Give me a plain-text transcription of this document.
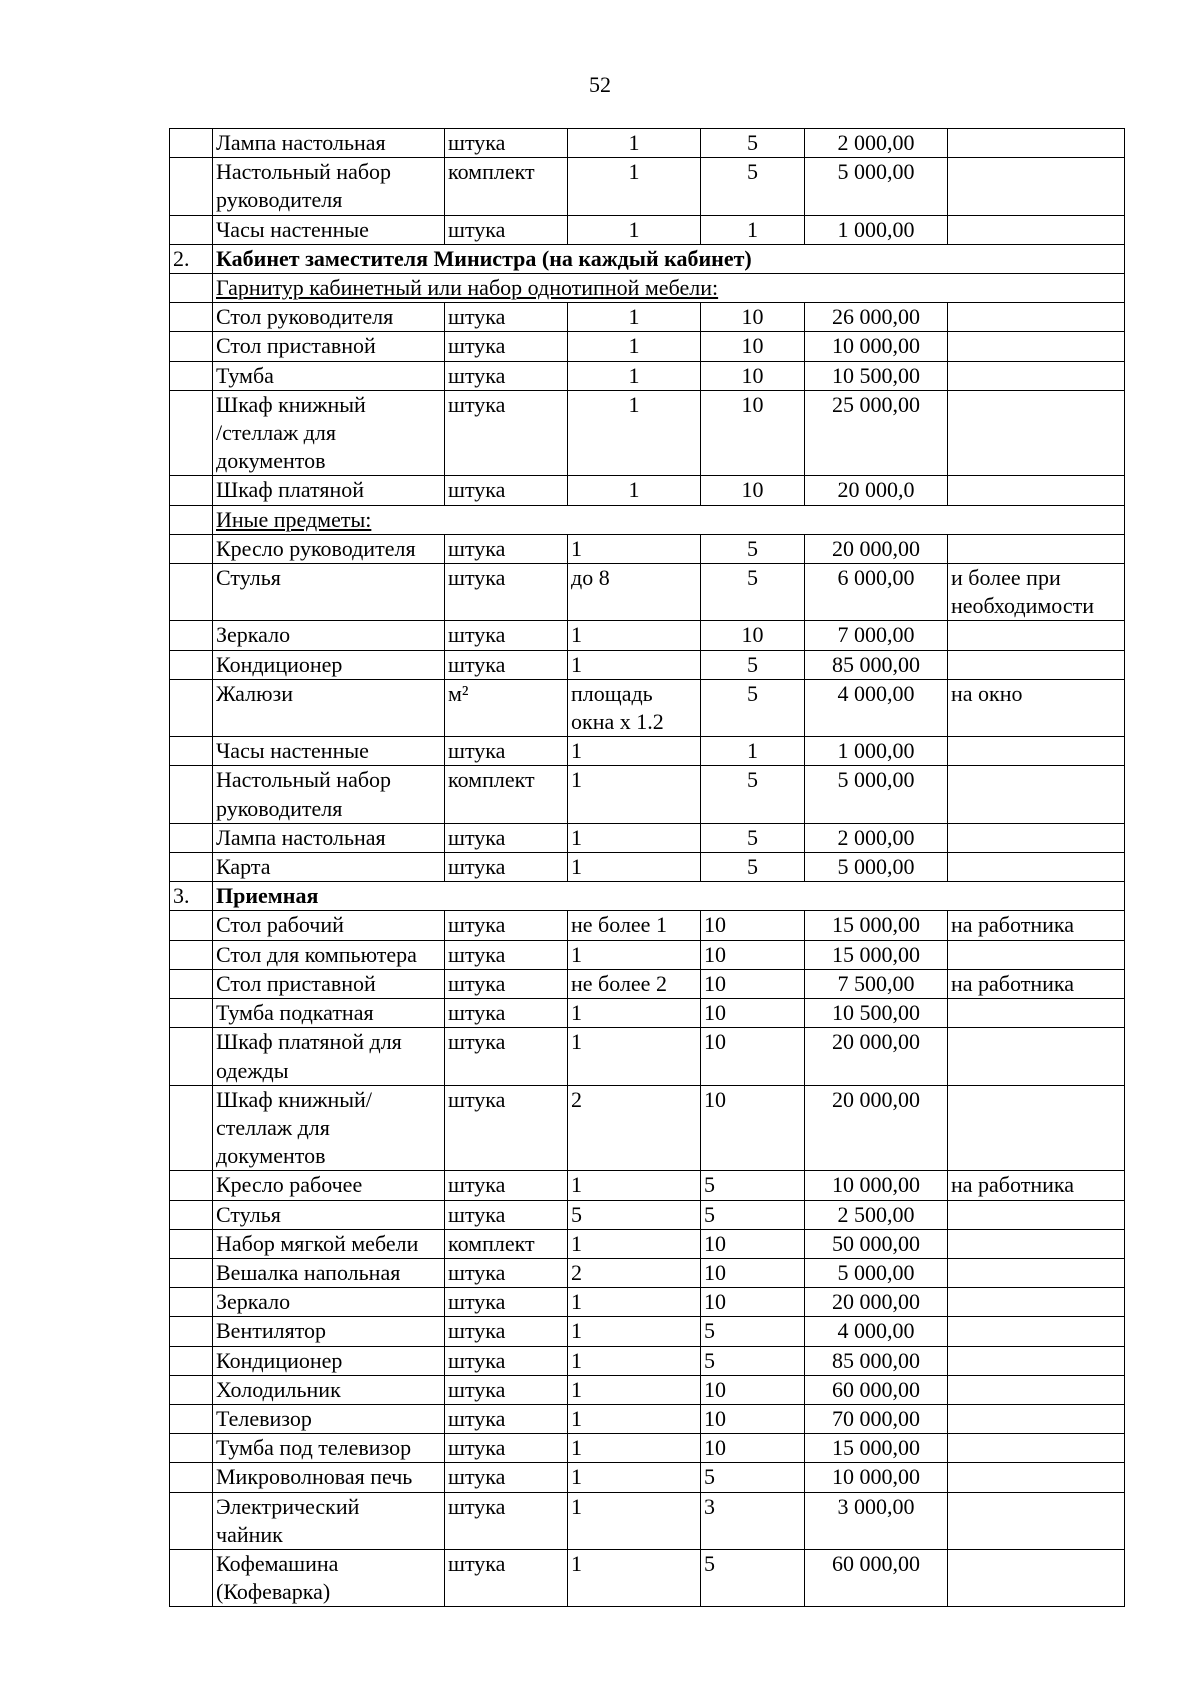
52
	Лампа настольная	штука	1	5	2 000,00	
	Настольный набор
руководителя	комплект	1	5	5 000,00	
	Часы настенные	штука	1	1	1 000,00	
2.	Кабинет заместителя Министра (на каждый кабинет)					
	Гарнитур кабинетный или набор однотипной мебели:					
	Стол руководителя	штука	1	10	26 000,00	
	Стол приставной	штука	1	10	10 000,00	
	Тумба	штука	1	10	10 500,00	
	Шкаф книжный
/стеллаж для
документов	штука	1	10	25 000,00	
	Шкаф платяной	штука	1	10	20 000,0	
	Иные предметы:					
	Кресло руководителя	штука	1	5	20 000,00	
	Стулья	штука	до 8	5	6 000,00	и более при
необходимости
	Зеркало	штука	1	10	7 000,00	
	Кондиционер	штука	1	5	85 000,00	
	Жалюзи	м²	площадь
окна х 1.2	5	4 000,00	на окно
	Часы настенные	штука	1	1	1 000,00	
	Настольный набор
руководителя	комплект	1	5	5 000,00	
	Лампа настольная	штука	1	5	2 000,00	
	Карта	штука	1	5	5 000,00	
3.	Приемная					
	Стол рабочий	штука	не более 1	10	15 000,00	на работника
	Стол для компьютера	штука	1	10	15 000,00	
	Стол приставной	штука	не более 2	10	7 500,00	на работника
	Тумба подкатная	штука	1	10	10 500,00	
	Шкаф платяной для
одежды	штука	1	10	20 000,00	
	Шкаф книжный/
стеллаж для
документов	штука	2	10	20 000,00	
	Кресло рабочее	штука	1	5	10 000,00	на работника
	Стулья	штука	5	5	2 500,00	
	Набор мягкой мебели	комплект	1	10	50 000,00	
	Вешалка напольная	штука	2	10	5 000,00	
	Зеркало	штука	1	10	20 000,00	
	Вентилятор	штука	1	5	4 000,00	
	Кондиционер	штука	1	5	85 000,00	
	Холодильник	штука	1	10	60 000,00	
	Телевизор	штука	1	10	70 000,00	
	Тумба под телевизор	штука	1	10	15 000,00	
	Микроволновая печь	штука	1	5	10 000,00	
	Электрический
чайник	штука	1	3	3 000,00	
	Кофемашина
(Кофеварка)	штука	1	5	60 000,00	
